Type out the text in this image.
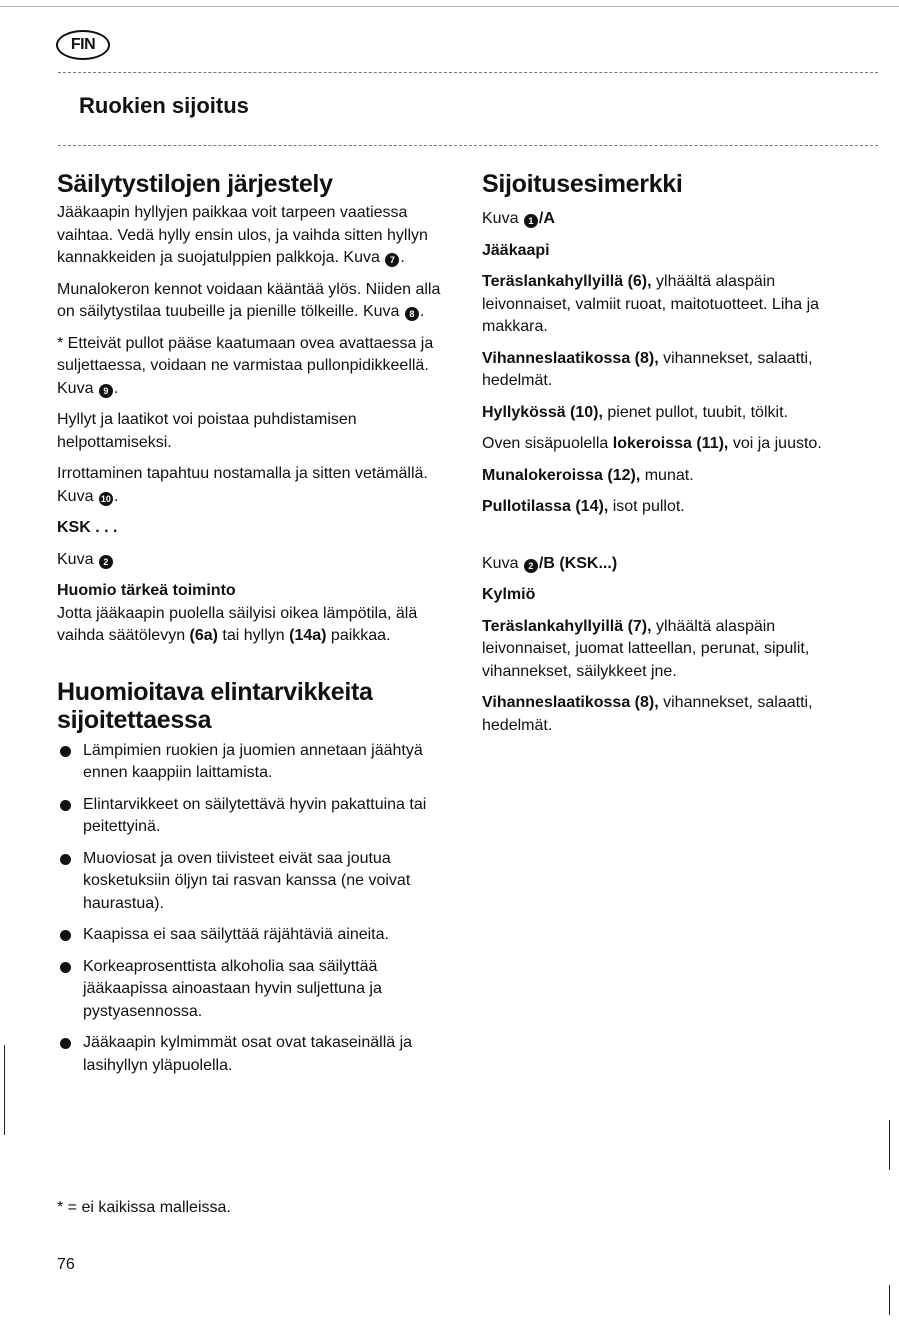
FIN
Ruokien sijoitus
Säilytystilojen järjestely

Jääkaapin hyllyjen paikkaa voit tarpeen vaatiessa vaihtaa. Vedä hylly ensin ulos, ja vaihda sitten hyllyn kannakkeiden ja suojatulppien palkkoja. Kuva 7 .

Munalokeron kennot voidaan kääntää ylös. Niiden alla on säilytystilaa tuubeille ja pienille tölkeille. Kuva 8 .

* Etteivät pullot pääse kaatumaan ovea avattaessa ja suljettaessa, voidaan ne varmistaa pullonpidikkeellä. Kuva 9 .

Hyllyt ja laatikot voi poistaa puhdistamisen helpottamiseksi.

Irrottaminen tapahtuu nostamalla ja sitten vetämällä. Kuva 10 .

KSK . . .

Kuva 2

Huomio tärkeä toiminto

Jotta jääkaapin puolella säilyisi oikea lämpötila, älä vaihda säätölevyn (6a) tai hyllyn (14a) paikkaa.

Huomioitava elintarvikkeita sijoitettaessa
Lämpimien ruokien ja juomien annetaan jäähtyä ennen kaappiin laittamista.
Elintarvikkeet on säilytettävä hyvin pakattuina tai peitettyinä.
Muoviosat ja oven tiivisteet eivät saa joutua kosketuksiin öljyn tai rasvan kanssa (ne voivat haurastua).
Kaapissa ei saa säilyttää räjähtäviä aineita.
Korkeaprosenttista alkoholia saa säilyttää jääkaapissa ainoastaan hyvin suljettuna ja pystyasennossa.
Jääkaapin kylmimmät osat ovat takaseinällä ja lasihyllyn yläpuolella.
Sijoitusesimerkki

Kuva 1 /A

Jääkaapi

Teräslankahyllyillä (6), ylhäältä alaspäin leivonnaiset, valmiit ruoat, maitotuotteet. Liha ja makkara.

Vihanneslaatikossa (8), vihannekset, salaatti, hedelmät.

Hyllykössä (10), pienet pullot, tuubit, tölkit.

Oven sisäpuolella lokeroissa (11), voi ja juusto.

Munalokeroissa (12), munat.

Pullotilassa (14), isot pullot.

Kuva 2 /B (KSK...)

Kylmiö

Teräslankahyllyillä (7), ylhäältä alaspäin leivonnaiset, juomat latteellan, perunat, sipulit, vihannekset, säilykkeet jne.

Vihanneslaatikossa (8), vihannekset, salaatti, hedelmät.

* = ei kaikissa malleissa.
76
